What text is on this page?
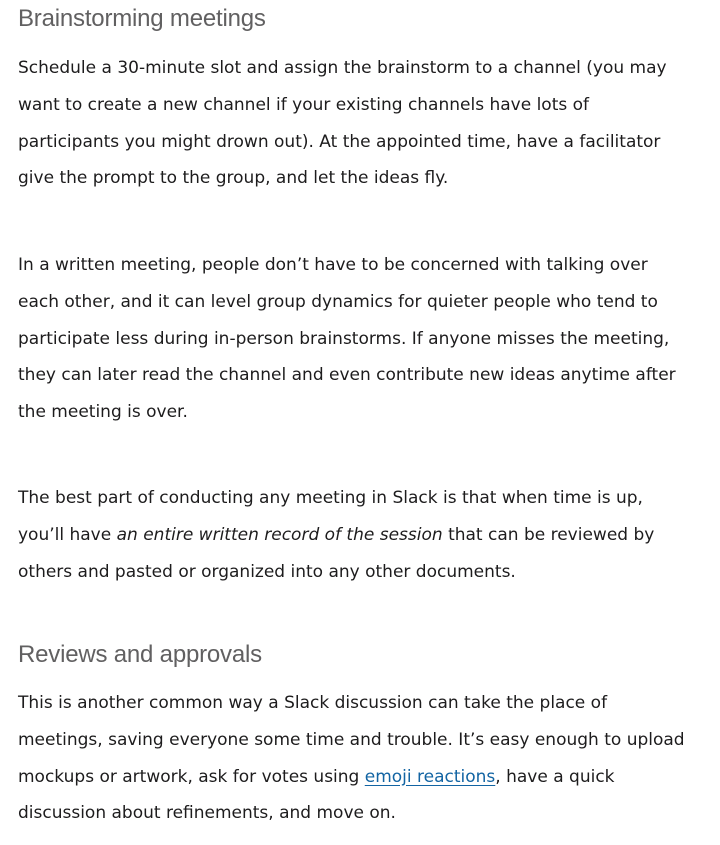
Brainstorming meetings

Schedule a 30-minute slot and assign the brainstorm to a channel (you may
want to create a new channel if your existing channels have lots of
participants you might drown out). At the appointed time, have a facilitator
give the prompt to the group, and let the ideas fly.

In a written meeting, people don’t have to be concerned with talking over
each other, and it can level group dynamics for quieter people who tend to
participate less during in-person brainstorms. If anyone misses the meeting,
they can later read the channel and even contribute new ideas anytime after
the meeting is over.

The best part of conducting any meeting in Slack is that when time is up,
you’ll have an entire written record of the session that can be reviewed by
others and pasted or organized into any other documents.

Reviews and approvals

This is another common way a Slack discussion can take the place of
meetings, saving everyone some time and trouble. It’s easy enough to upload
mockups or artwork, ask for votes using emoji reactions, have a quick
discussion about refinements, and move on.
